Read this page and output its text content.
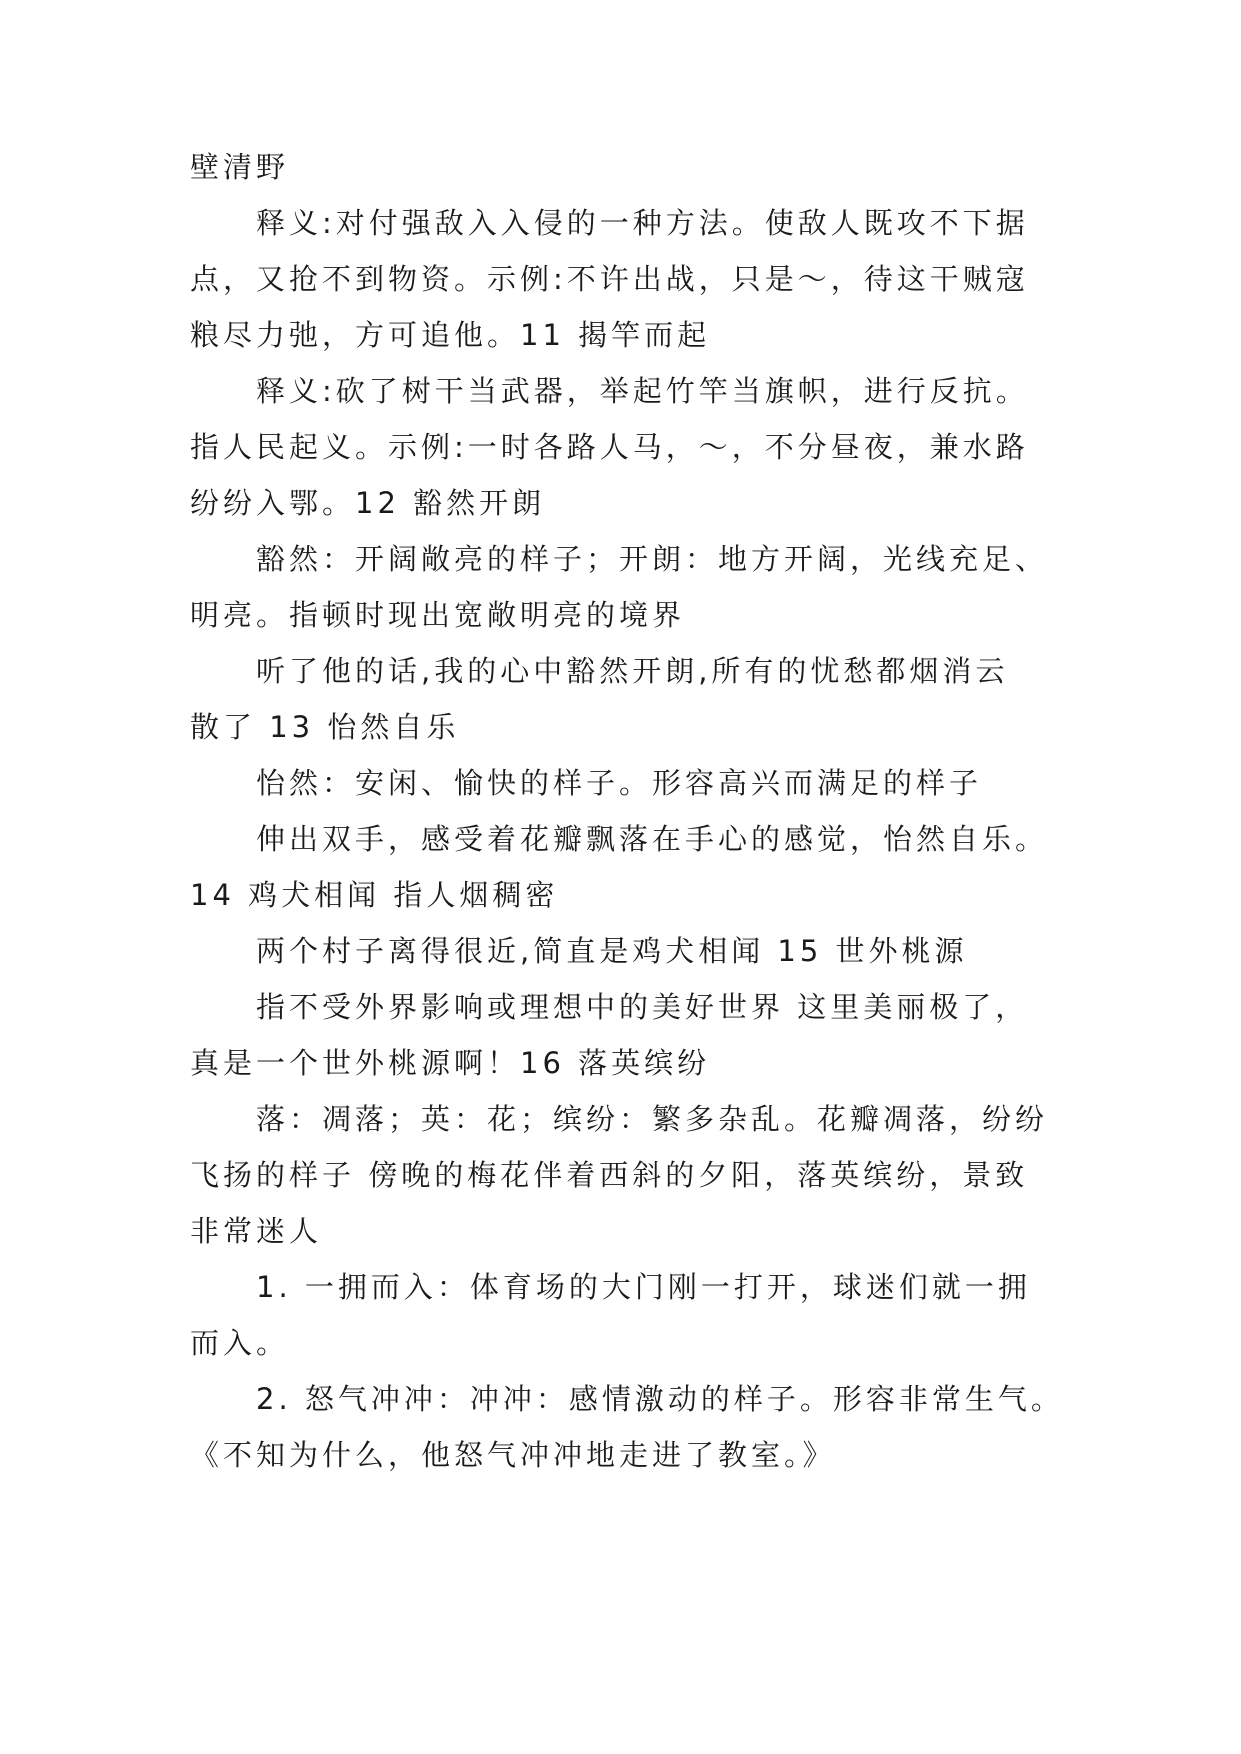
壁清野
释义:对付强敌入入侵的一种方法。使敌人既攻不下据
点，又抢不到物资。示例:不许出战，只是～，待这干贼寇
粮尽力弛，方可追他。11 揭竿而起
释义:砍了树干当武器，举起竹竿当旗帜，进行反抗。
指人民起义。示例:一时各路人马，～，不分昼夜，兼水路
纷纷入鄂。12 豁然开朗
豁然：开阔敞亮的样子；开朗：地方开阔，光线充足、
明亮。指顿时现出宽敞明亮的境界
听了他的话,我的心中豁然开朗,所有的忧愁都烟消云
散了 13 怡然自乐
怡然：安闲、愉快的样子。形容高兴而满足的样子
伸出双手，感受着花瓣飘落在手心的感觉，怡然自乐。
14 鸡犬相闻 指人烟稠密
两个村子离得很近,简直是鸡犬相闻 15 世外桃源
指不受外界影响或理想中的美好世界 这里美丽极了，
真是一个世外桃源啊！16 落英缤纷
落：凋落；英：花；缤纷：繁多杂乱。花瓣凋落，纷纷
飞扬的样子 傍晚的梅花伴着西斜的夕阳，落英缤纷，景致
非常迷人
1. 一拥而入：体育场的大门刚一打开，球迷们就一拥
而入。
2. 怒气冲冲：冲冲：感情激动的样子。形容非常生气。
《不知为什么，他怒气冲冲地走进了教室。》
